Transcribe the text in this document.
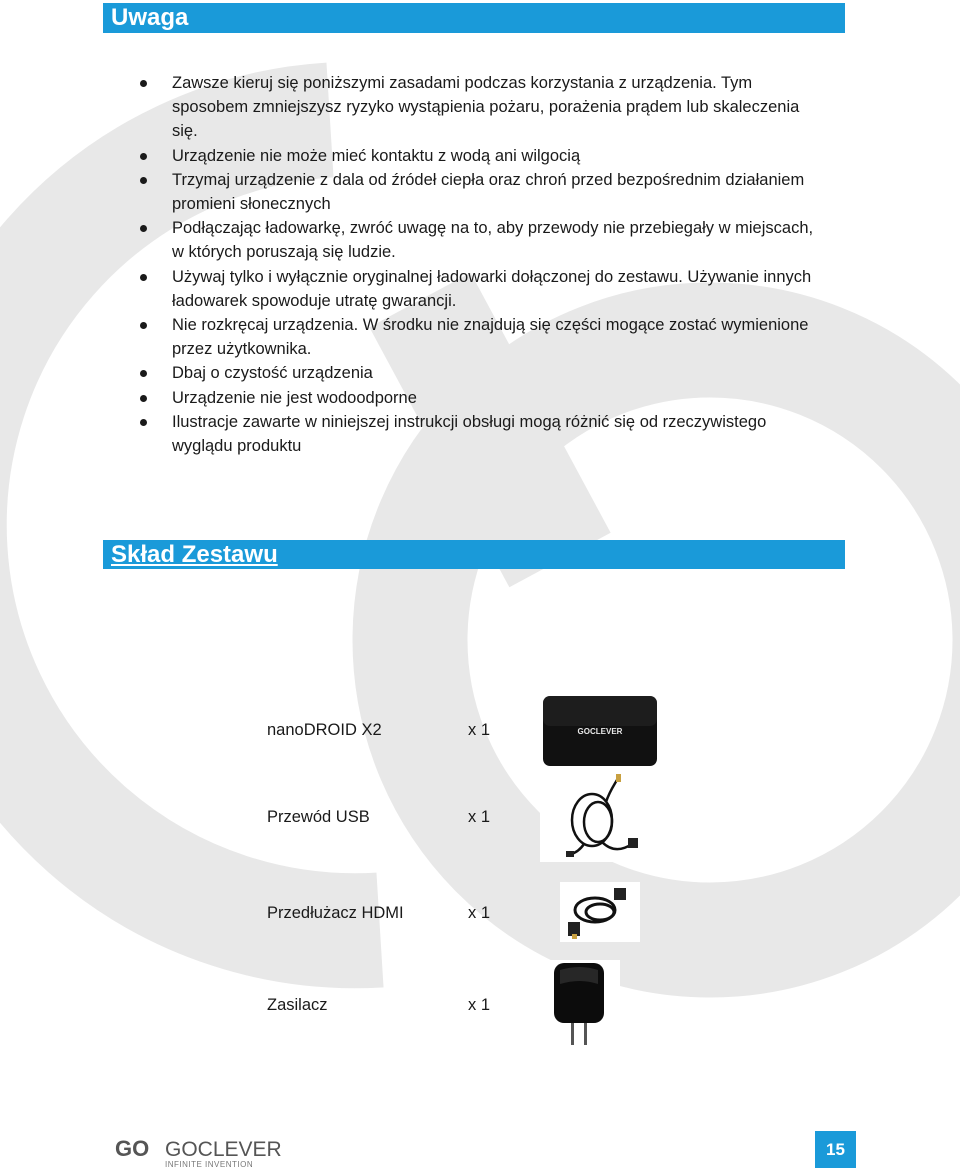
Uwaga
Zawsze kieruj się poniższymi zasadami podczas korzystania z urządzenia. Tym sposobem zmniejszysz ryzyko wystąpienia pożaru, porażenia prądem lub skaleczenia się.
Urządzenie nie może mieć kontaktu z wodą ani wilgocią
Trzymaj urządzenie z dala od źródeł ciepła oraz chroń przed bezpośrednim działaniem promieni słonecznych
Podłączając ładowarkę, zwróć uwagę na to, aby przewody nie przebiegały w miejscach, w których poruszają się ludzie.
Używaj tylko i wyłącznie oryginalnej ładowarki dołączonej do zestawu. Używanie innych ładowarek spowoduje utratę gwarancji.
Nie rozkręcaj urządzenia. W środku nie znajdują się części mogące zostać wymienione przez użytkownika.
Dbaj o czystość urządzenia
Urządzenie nie jest wodoodporne
Ilustracje zawarte w niniejszej instrukcji obsługi mogą różnić się od rzeczywistego wyglądu produktu
Skład Zestawu
nanoDROID X2	x 1	GOCLEVER
Przewód USB	x 1
Przedłużacz HDMI	x 1
Zasilacz	x 1
GO GOCLEVER
INFINITE INVENTION
15
